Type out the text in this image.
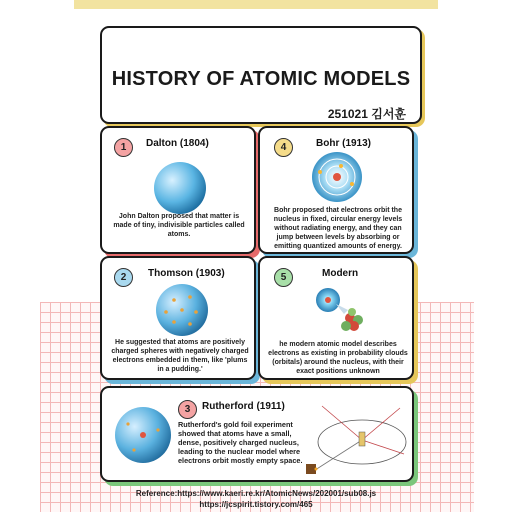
HISTORY OF ATOMIC MODELS
251021 김서훈
1	Dalton (1804)
John Dalton proposed that matter is made of tiny, indivisible particles called atoms.
4	Bohr (1913)
Bohr proposed that electrons orbit the nucleus in fixed, circular energy levels without radiating energy, and they can jump between levels by absorbing or emitting quantized amounts of energy.
2	Thomson (1903)
He suggested that atoms are positively charged spheres with negatively charged electrons embedded in them, like 'plums in a pudding.'
5	Modern
he modern atomic model describes electrons as existing in probability clouds (orbitals) around the nucleus, with their exact positions unknown
3	Rutherford (1911)
Rutherford's gold foil experiment showed that atoms have a small, dense, positively charged nucleus, leading to the nuclear model where electrons orbit mostly empty space.
Reference:https://www.kaeri.re.kr/AtomicNews/202001/sub08.js
https://jcspirit.tistory.com/465
